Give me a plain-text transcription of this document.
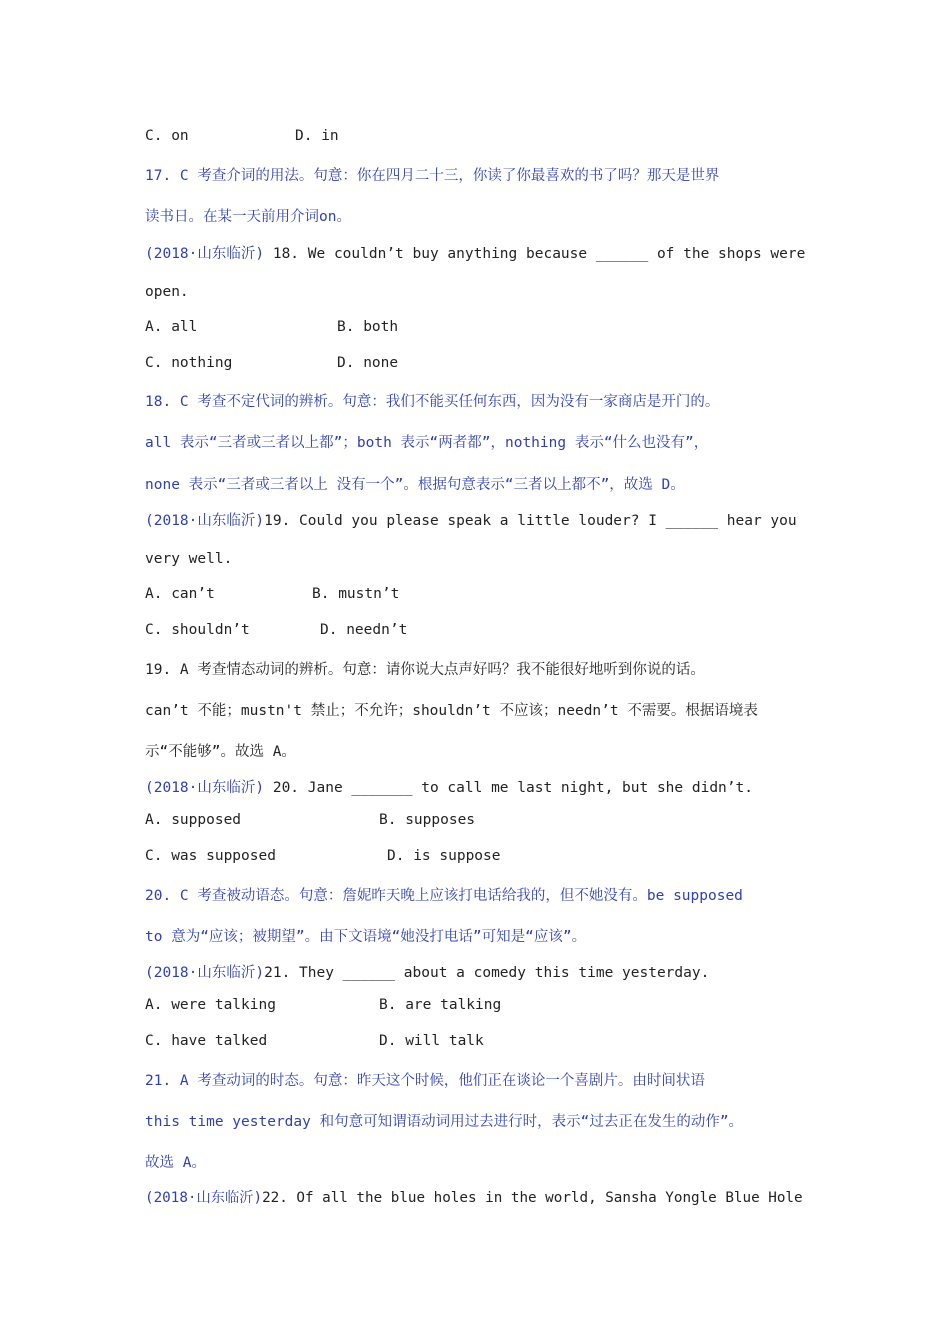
C. on	D. in
17. C 考查介词的用法。句意：你在四月二十三，你读了你最喜欢的书了吗？那天是世界
读书日。在某一天前用介词on。
(2018·山东临沂) 18. We couldn’t buy anything because ______ of the shops were
open.
A. all	B. both
C. nothing	D. none
18. C 考查不定代词的辨析。句意：我们不能买任何东西，因为没有一家商店是开门的。
all 表示“三者或三者以上都”；both 表示“两者都”，nothing 表示“什么也没有”，
none 表示“三者或三者以上 没有一个”。根据句意表示“三者以上都不”，故选 D。
(2018·山东临沂)19. Could you please speak a little louder? I ______ hear you
very well.
A. can’t	B. mustn’t
C. shouldn’t	D. needn’t
19. A 考查情态动词的辨析。句意：请你说大点声好吗？我不能很好地听到你说的话。
can’t 不能；mustn't 禁止；不允许；shouldn’t 不应该；needn’t 不需要。根据语境表
示“不能够”。故选 A。
(2018·山东临沂) 20. Jane _______ to call me last night, but she didn’t.
A. supposed	B. supposes
C. was supposed	D. is suppose
20. C 考查被动语态。句意：詹妮昨天晚上应该打电话给我的，但不她没有。be supposed
to 意为“应该；被期望”。由下文语境“她没打电话”可知是“应该”。
(2018·山东临沂)21. They ______ about a comedy this time yesterday.
A. were talking	B. are talking
C. have talked	D. will talk
21. A 考查动词的时态。句意：昨天这个时候，他们正在谈论一个喜剧片。由时间状语
this time yesterday 和句意可知谓语动词用过去进行时，表示“过去正在发生的动作”。
故选 A。
(2018·山东临沂)22. Of all the blue holes in the world, Sansha Yongle Blue Hole
